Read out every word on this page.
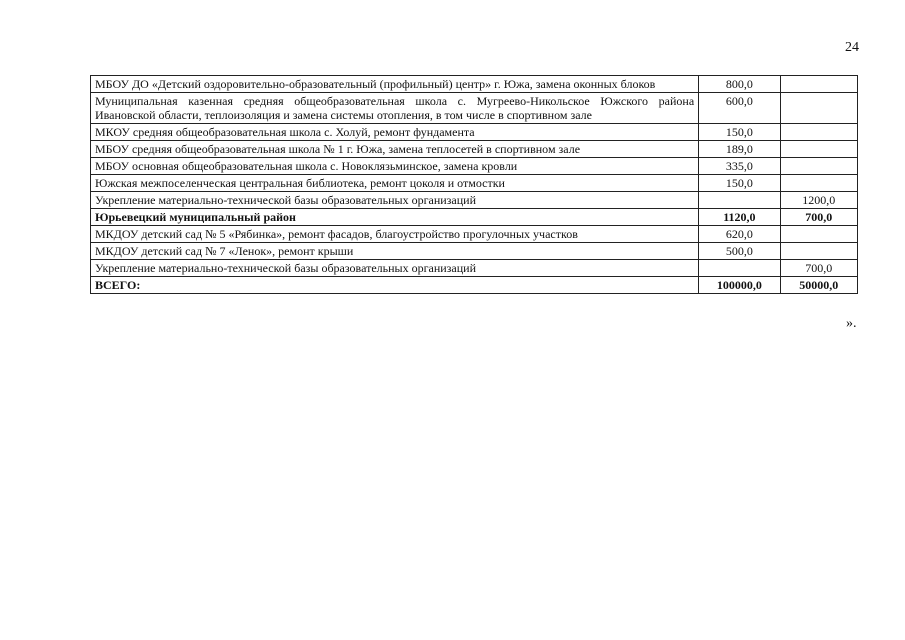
24
МБОУ ДО «Детский оздоровительно-образовательный (профильный) центр» г. Южа, замена оконных блоков	800,0	
Муниципальная казенная средняя общеобразовательная школа с. Мугреево-Никольское Южского района Ивановской области, теплоизоляция и замена системы отопления, в том числе в спортивном зале	600,0	
МКОУ средняя общеобразовательная школа с. Холуй, ремонт фундамента	150,0	
МБОУ средняя общеобразовательная школа № 1 г. Южа, замена теплосетей в спортивном зале	189,0	
МБОУ основная общеобразовательная школа с. Новоклязьминское, замена кровли	335,0	
Южская межпоселенческая центральная библиотека, ремонт цоколя и отмостки	150,0	
Укрепление материально-технической базы образовательных организаций		1200,0
Юрьевецкий муниципальный район	1120,0	700,0
МКДОУ детский сад № 5 «Рябинка», ремонт фасадов, благоустройство прогулочных участков	620,0	
МКДОУ детский сад № 7 «Ленок», ремонт крыши	500,0	
Укрепление материально-технической базы образовательных организаций		700,0
ВСЕГО:	100000,0	50000,0
».
